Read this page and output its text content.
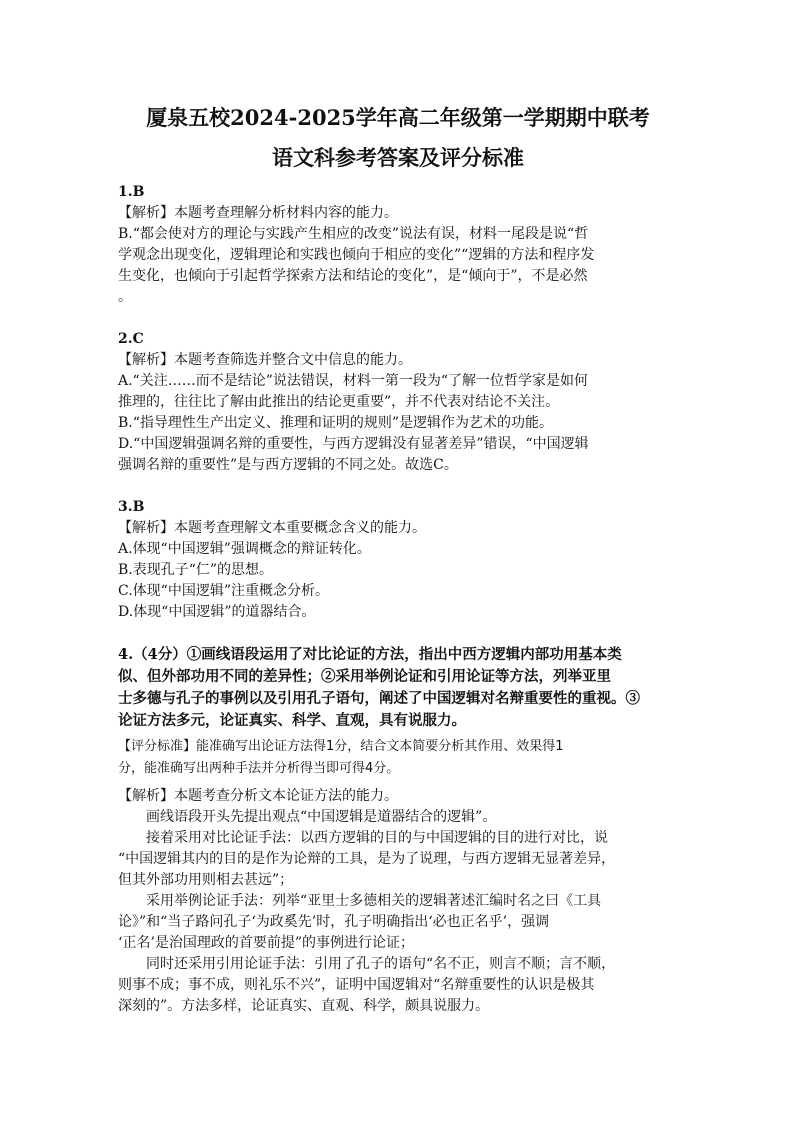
厦泉五校2024-2025学年高二年级第一学期期中联考
语文科参考答案及评分标准
1.B
【解析】本题考查理解分析材料内容的能力。
B.“都会使对方的理论与实践产生相应的改变”说法有误，材料一尾段是说“哲
学观念出现变化，逻辑理论和实践也倾向于相应的变化”“逻辑的方法和程序发
生变化，也倾向于引起哲学探索方法和结论的变化”，是“倾向于”，不是必然
。
2.C
【解析】本题考查筛选并整合文中信息的能力。
A.“关注……而不是结论”说法错误，材料一第一段为“了解一位哲学家是如何
推理的，往往比了解由此推出的结论更重要”，并不代表对结论不关注。
B.“指导理性生产出定义、推理和证明的规则”是逻辑作为艺术的功能。
D.“中国逻辑强调名辩的重要性，与西方逻辑没有显著差异”错误，“中国逻辑
强调名辩的重要性”是与西方逻辑的不同之处。故选C。
3.B
【解析】本题考查理解文本重要概念含义的能力。
A.体现“中国逻辑”强调概念的辩证转化。
B.表现孔子“仁”的思想。
C.体现“中国逻辑”注重概念分析。
D.体现“中国逻辑”的道器结合。
4.（4分）①画线语段运用了对比论证的方法，指出中西方逻辑内部功用基本类
似、但外部功用不同的差异性；②采用举例论证和引用论证等方法，列举亚里
士多德与孔子的事例以及引用孔子语句，阐述了中国逻辑对名辩重要性的重视。③
论证方法多元，论证真实、科学、直观，具有说服力。
【评分标准】能准确写出论证方法得1分，结合文本简要分析其作用、效果得1
分，能准确写出两种手法并分析得当即可得4分。
【解析】本题考查分析文本论证方法的能力。
画线语段开头先提出观点“中国逻辑是道器结合的逻辑”。
接着采用对比论证手法：以西方逻辑的目的与中国逻辑的目的进行对比，说
“中国逻辑其内的目的是作为论辩的工具，是为了说理，与西方逻辑无显著差异，
但其外部功用则相去甚远”；
采用举例论证手法：列举“亚里士多德相关的逻辑著述汇编时名之曰《工具
论》”和“当子路问孔子‘为政奚先’时，孔子明确指出‘必也正名乎’，强调
‘正名’是治国理政的首要前提”的事例进行论证；
同时还采用引用论证手法：引用了孔子的语句“名不正，则言不顺；言不顺，
则事不成；事不成，则礼乐不兴”，证明中国逻辑对“名辩重要性的认识是极其
深刻的”。方法多样，论证真实、直观、科学，颇具说服力。
